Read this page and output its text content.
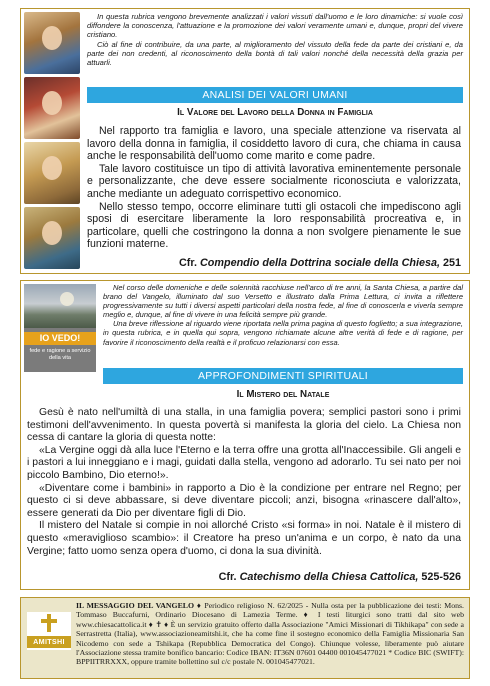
In questa rubrica vengono brevemente analizzati i valori vissuti dall'uomo e le loro dinamiche: si vuole così diffondere la conoscenza, l'attuazione e la promozione dei valori veramente umani e, dunque, propri del vivere cristiano.

Ciò al fine di contribuire, da una parte, al miglioramento del vissuto della fede da parte dei cristiani e, da parte dei non credenti, al riconoscimento della bontà di tali valori nonché della necessità della grazia per attuarli.

ANALISI DEI VALORI UMANI
Il Valore del Lavoro della Donna in Famiglia

Nel rapporto tra famiglia e lavoro, una speciale attenzione va riservata al lavoro della donna in famiglia, il cosiddetto lavoro di cura, che chiama in causa anche le responsabilità dell'uomo come marito e come padre.

Tale lavoro costituisce un tipo di attività lavorativa eminentemente personale e personalizzante, che deve essere socialmente riconosciuta e valorizzata, anche mediante un adeguato corrispettivo economico.

Nello stesso tempo, occorre eliminare tutti gli ostacoli che impediscono agli sposi di esercitare liberamente la loro responsabilità procreativa e, in particolare, quelli che costringono la donna a non svolgere pienamente le sue funzioni materne.

Cfr. Compendio della Dottrina sociale della Chiesa, 251
IO VEDO!
fede e ragione a servizio della vita

Nel corso delle domeniche e delle solennità racchiuse nell'arco di tre anni, la Santa Chiesa, a partire dal brano del Vangelo, illuminato dal suo Versetto e illustrato dalla Prima Lettura, ci invita a riflettere progressivamente su tutti i diversi aspetti particolari della nostra fede, al fine di conoscerla e viverla sempre meglio e, dunque, al fine di vivere in una felicità sempre più grande.

Una breve riflessione al riguardo viene riportata nella prima pagina di questo foglietto; a sua integrazione, in questa rubrica, e in quella qui sopra, vengono richiamate alcune altre verità di fede e di ragione, per favorire il riconoscimento della realtà e il proficuo relazionarsi con essa.

APPROFONDIMENTI SPIRITUALI
Il Mistero del Natale

Gesù è nato nell'umiltà di una stalla, in una famiglia povera; semplici pastori sono i primi testimoni dell'avvenimento. In questa povertà si manifesta la gloria del cielo. La Chiesa non cessa di cantare la gloria di questa notte:

«La Vergine oggi dà alla luce l'Eterno e la terra offre una grotta all'Inaccessibile. Gli angeli e i pastori a lui inneggiano e i magi, guidati dalla stella, vengono ad adorarlo. Tu sei nato per noi piccolo Bambino, Dio eterno!».

«Diventare come i bambini» in rapporto a Dio è la condizione per entrare nel Regno; per questo ci si deve abbassare, si deve diventare piccoli; anzi, bisogna «rinascere dall'alto», essere generati da Dio per diventare figli di Dio.

Il mistero del Natale si compie in noi allorché Cristo «si forma» in noi. Natale è il mistero di questo «meraviglioso scambio»: il Creatore ha preso un'anima e un corpo, è nato da una Vergine; fatto uomo senza opera d'uomo, ci dona la sua divinità.

Cfr. Catechismo della Chiesa Cattolica, 525-526
AMITSHI
IL MESSAGGIO DEL VANGELO ♦ Periodico religioso N. 62/2025 - Nulla osta per la pubblicazione dei testi: Mons. Tommaso Buccafurni, Ordinario Diocesano di Lamezia Terme. ♦ I testi liturgici sono tratti dal sito web www.chiesacattolica.it ♦ ✝ ♦ È un servizio gratuito offerto dalla Associazione "Amici Missionari di Tikhikapa" con sede a Serrastretta (Italia), www.associazioneamitshi.it, che ha come fine il sostegno economico della Famiglia Missionaria San Nicodemo con sede a Tshikapa (Repubblica Democratica del Congo). Chiunque volesse, liberamente può aiutare l'Associazione stessa tramite bonifico bancario: Codice IBAN: IT36N 07601 04400 001045477021 * Codice BIC (SWIFT): BPPIITRRXXX, oppure tramite bollettino sul c/c postale N. 001045477021.
